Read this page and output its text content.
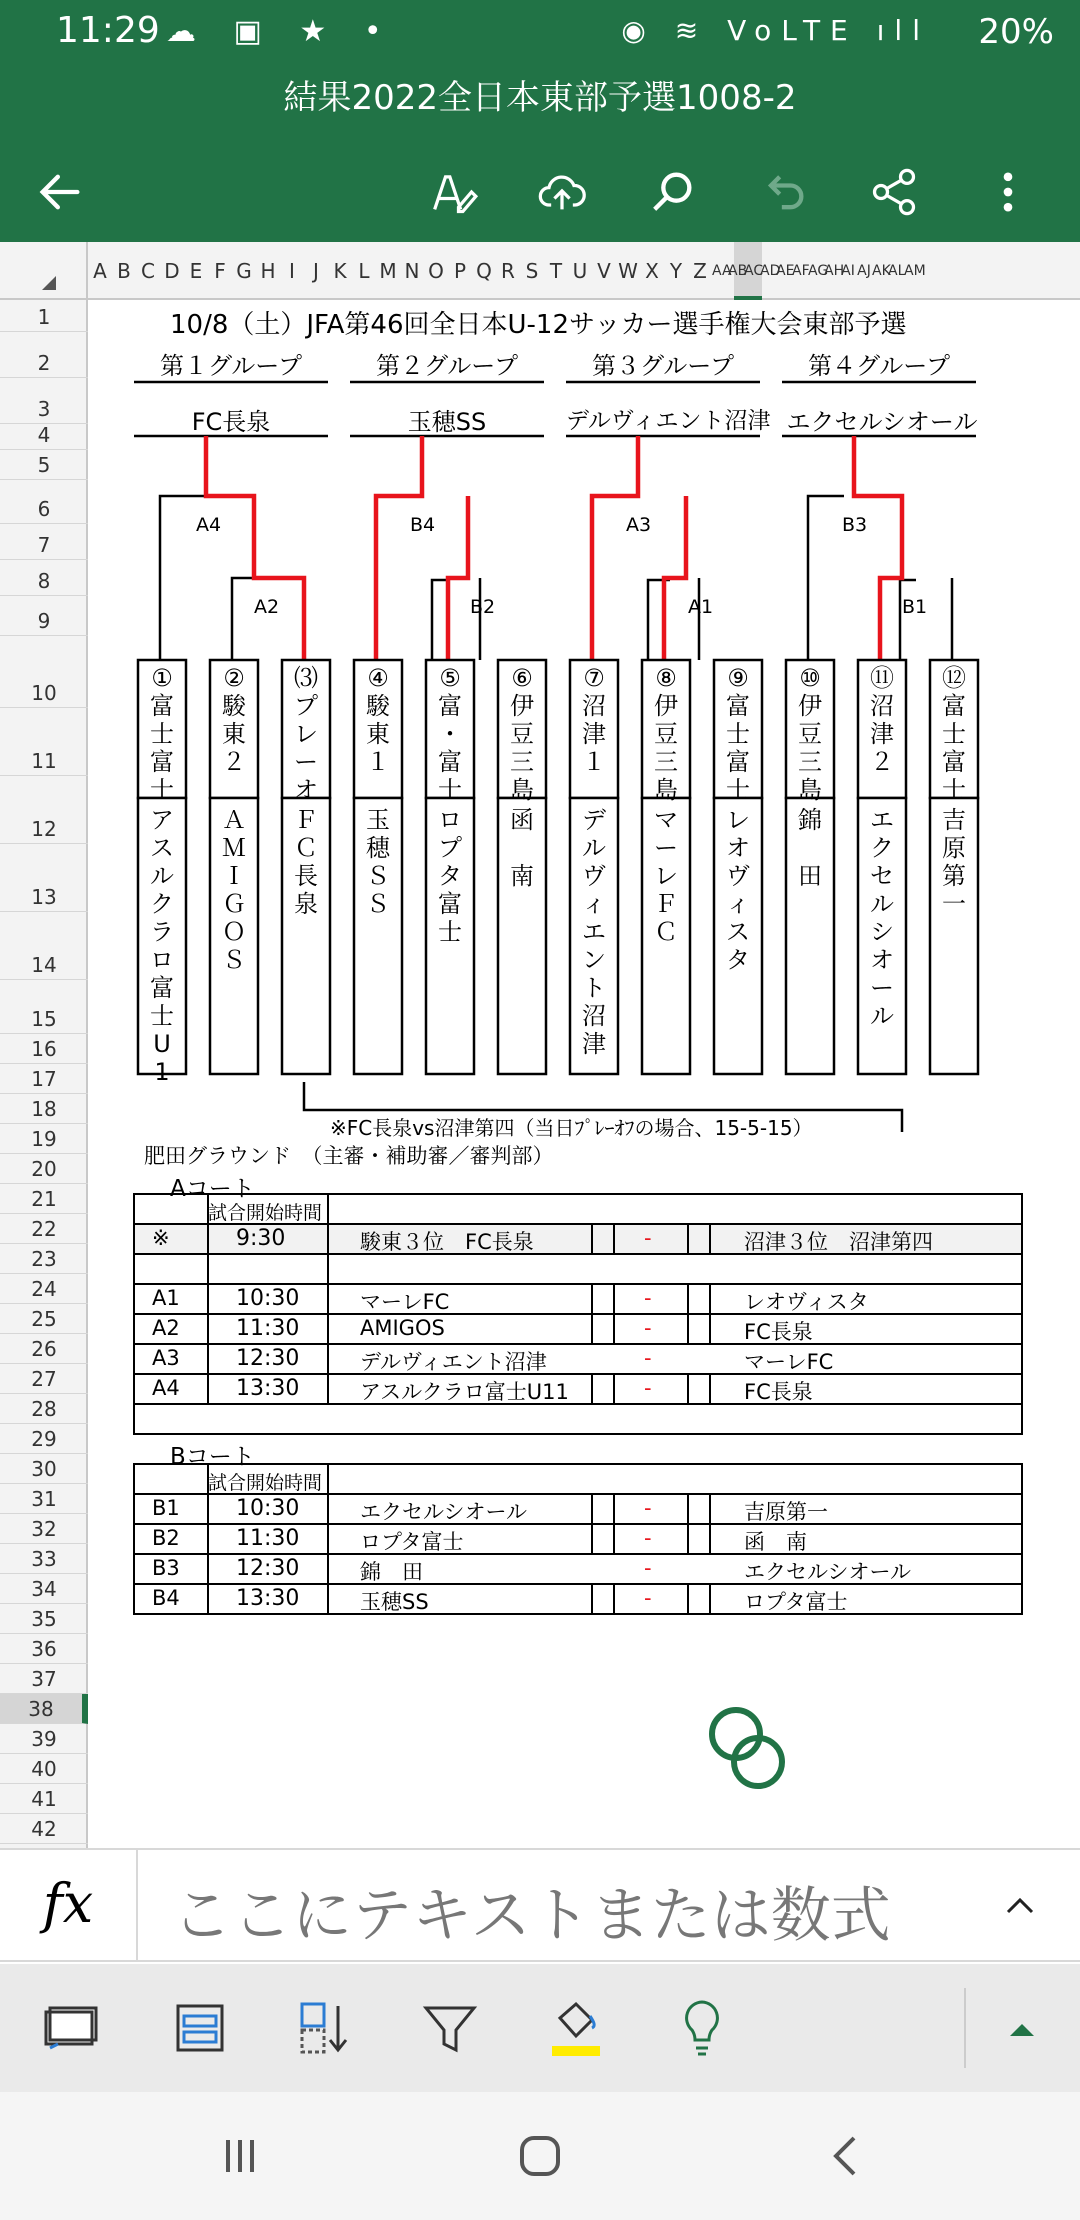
11:29 ☁ ▣ ★ •	◉ ≋ VoLTE ıll 20%
結果2022全日本東部予選1008-2
A B C D E F G H I J K L M N O P Q R S T U V W X Y Z AA
AB
AC
AD
AE
AF
AG
AH
AI AJ AK
AL
AM
1
2
3
4
5
6
7
8
9
10
11
12
13
14
15
16
17
18
19
20
21
22
23
24
25
26
27
28
29
30
31
32
33
34
35
36
37
38
39
40
41
42
10/8（土）JFA第46回全日本U-12サッカー選手権大会東部予選
第１グループ	第２グループ	第３グループ	第４グループ
FC長泉	玉穂SS	デルヴィエント沼津 エクセルシオール
A4
A2
B4
B2
A3
A1
B3
B1
①
富
士
富
士
ア
ス
ル
ク
ラ
ロ
富
士
U
1
②
駿
東
２
Ａ
Ｍ
Ｉ
Ｇ
Ｏ
Ｓ
⑶
プ
レ
ー
オ
Ｆ
Ｃ
長
泉
④
駿
東
１
玉
穂
Ｓ
Ｓ
⑤
富
・
富
士
ロ
プ
タ
富
士
⑥
伊
豆
三
島
函

南
⑦
沼
津
１
デ
ル
ヴ
ィ
エ
ン
ト
沼
津
⑧
伊
豆
三
島
マ
ー
レ
Ｆ
Ｃ
⑨
富
士
富
士
レ
オ
ヴ
ィ
ス
タ
⑩
伊
豆
三
島
錦

田
⑪
沼
津
２
エ
ク
セ
ル
シ
オ
ー
ル
⑫
富
士
富
士
吉
原
第
一
※FC長泉vs沼津第四（当日ﾌﾟﾚｰｵﾌの場合、15-5-15）
肥田グラウンド　（主審・補助審／審判部）
Aコート
試合開始時間
※	9:30	駿東３位　FC長泉	-	沼津３位　沼津第四
A1	10:30	マーレFC	-	レオヴィスタ
A2	11:30	AMIGOS	-	FC長泉
A3	12:30	デルヴィエント沼津	-	マーレFC
A4	13:30	アスルクラロ富士U11	-	FC長泉
Bコート
試合開始時間
B1	10:30	エクセルシオール	-	吉原第一
B2	11:30	ロプタ富士	-	函　南
B3	12:30	錦　田	-	エクセルシオール
B4	13:30	玉穂SS	-	ロプタ富士
fx	ここにテキストまたは数式
